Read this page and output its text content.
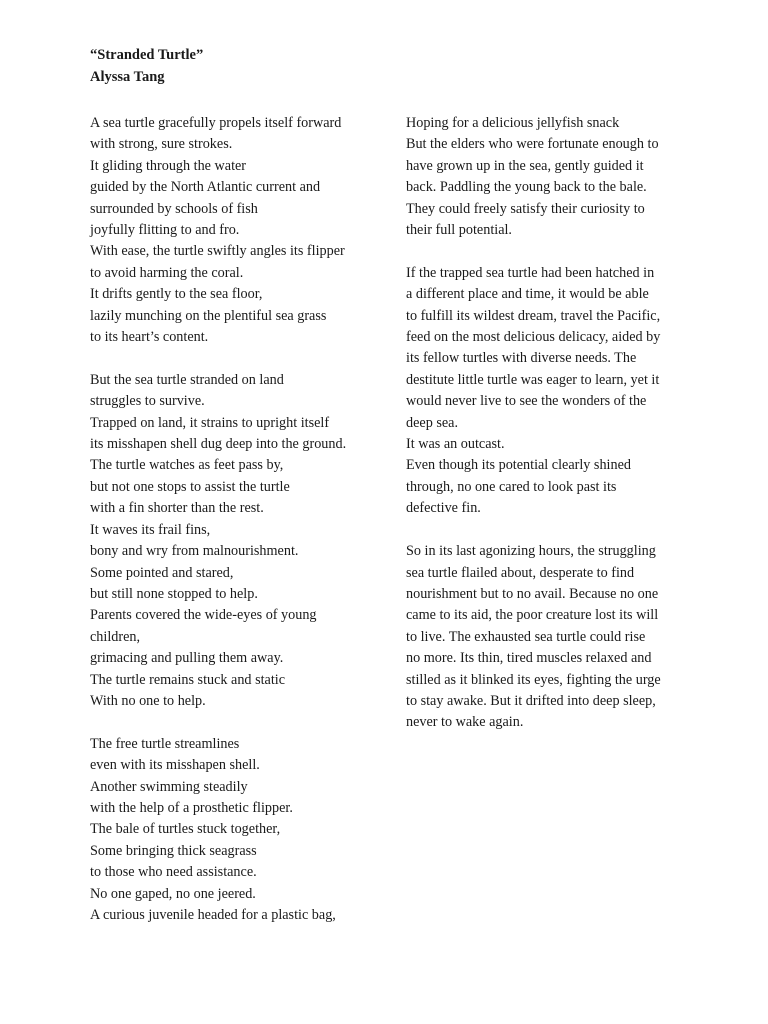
“Stranded Turtle”
Alyssa Tang
A sea turtle gracefully propels itself forward
with strong, sure strokes.
It gliding through the water
guided by the North Atlantic current and
surrounded by schools of fish
joyfully flitting to and fro.
With ease, the turtle swiftly angles its flipper
to avoid harming the coral.
It drifts gently to the sea floor,
lazily munching on the plentiful sea grass
to its heart’s content.
But the sea turtle stranded on land
struggles to survive.
Trapped on land, it strains to upright itself
its misshapen shell dug deep into the ground.
The turtle watches as feet pass by,
but not one stops to assist the turtle
with a fin shorter than the rest.
It waves its frail fins,
bony and wry from malnourishment.
Some pointed and stared,
but still none stopped to help.
Parents covered the wide-eyes of young
children,
grimacing and pulling them away.
The turtle remains stuck and static
With no one to help.
The free turtle streamlines
even with its misshapen shell.
Another swimming steadily
with the help of a prosthetic flipper.
The bale of turtles stuck together,
Some bringing thick seagrass
to those who need assistance.
No one gaped, no one jeered.
A curious juvenile headed for a plastic bag,
Hoping for a delicious jellyfish snack
But the elders who were fortunate enough to
have grown up in the sea, gently guided it
back. Paddling the young back to the bale.
They could freely satisfy their curiosity to
their full potential.
If the trapped sea turtle had been hatched in
a different place and time, it would be able
to fulfill its wildest dream, travel the Pacific,
feed on the most delicious delicacy, aided by
its fellow turtles with diverse needs. The
destitute little turtle was eager to learn, yet it
would never live to see the wonders of the
deep sea.
It was an outcast.
Even though its potential clearly shined
through, no one cared to look past its
defective fin.
So in its last agonizing hours, the struggling
sea turtle flailed about, desperate to find
nourishment but to no avail. Because no one
came to its aid, the poor creature lost its will
to live. The exhausted sea turtle could rise
no more. Its thin, tired muscles relaxed and
stilled as it blinked its eyes, fighting the urge
to stay awake. But it drifted into deep sleep,
never to wake again.
